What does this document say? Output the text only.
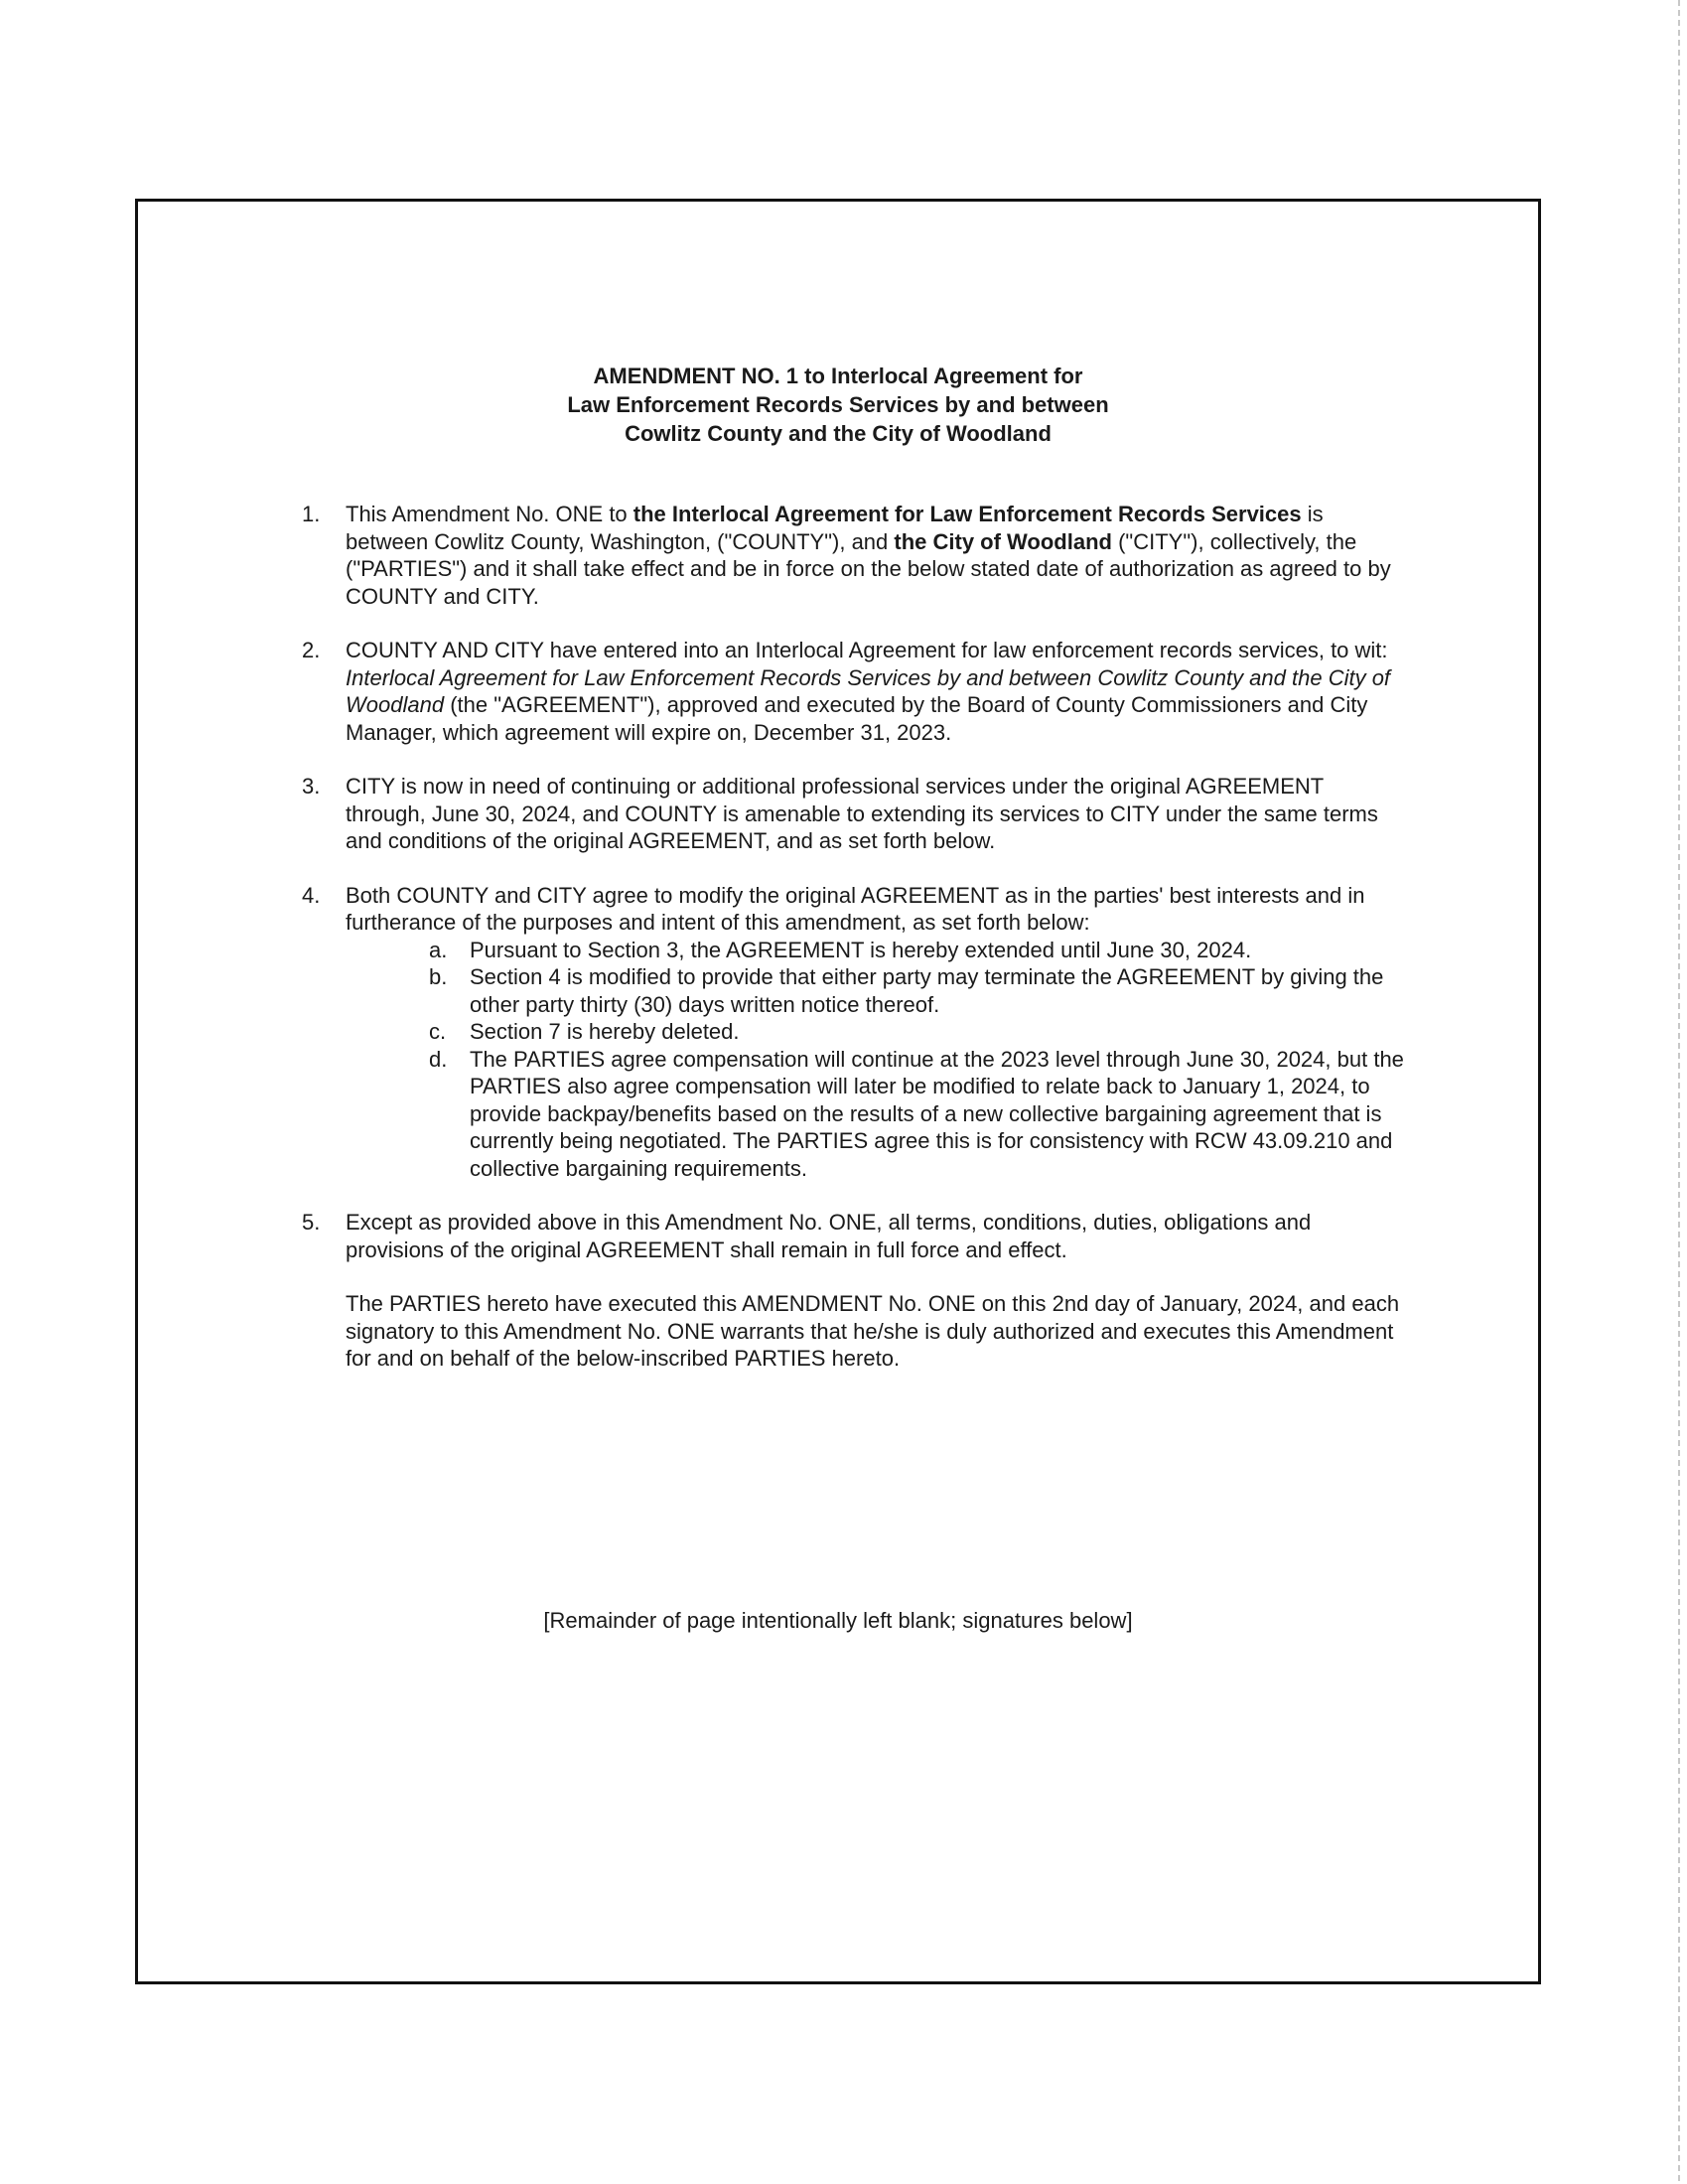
AMENDMENT NO. 1 to Interlocal Agreement for
Law Enforcement Records Services by and between
Cowlitz County and the City of Woodland
1. This Amendment No. ONE to the Interlocal Agreement for Law Enforcement Records Services is between Cowlitz County, Washington, ("COUNTY"), and the City of Woodland ("CITY"), collectively, the ("PARTIES") and it shall take effect and be in force on the below stated date of authorization as agreed to by COUNTY and CITY.
2. COUNTY AND CITY have entered into an Interlocal Agreement for law enforcement records services, to wit: Interlocal Agreement for Law Enforcement Records Services by and between Cowlitz County and the City of Woodland (the "AGREEMENT"), approved and executed by the Board of County Commissioners and City Manager, which agreement will expire on, December 31, 2023.
3. CITY is now in need of continuing or additional professional services under the original AGREEMENT through, June 30, 2024, and COUNTY is amenable to extending its services to CITY under the same terms and conditions of the original AGREEMENT, and as set forth below.
4. Both COUNTY and CITY agree to modify the original AGREEMENT as in the parties' best interests and in furtherance of the purposes and intent of this amendment, as set forth below:
a. Pursuant to Section 3, the AGREEMENT is hereby extended until June 30, 2024.
b. Section 4 is modified to provide that either party may terminate the AGREEMENT by giving the other party thirty (30) days written notice thereof.
c. Section 7 is hereby deleted.
d. The PARTIES agree compensation will continue at the 2023 level through June 30, 2024, but the PARTIES also agree compensation will later be modified to relate back to January 1, 2024, to provide backpay/benefits based on the results of a new collective bargaining agreement that is currently being negotiated. The PARTIES agree this is for consistency with RCW 43.09.210 and collective bargaining requirements.
5. Except as provided above in this Amendment No. ONE, all terms, conditions, duties, obligations and provisions of the original AGREEMENT shall remain in full force and effect.
The PARTIES hereto have executed this AMENDMENT No. ONE on this 2nd day of January, 2024, and each signatory to this Amendment No. ONE warrants that he/she is duly authorized and executes this Amendment for and on behalf of the below-inscribed PARTIES hereto.
[Remainder of page intentionally left blank; signatures below]
